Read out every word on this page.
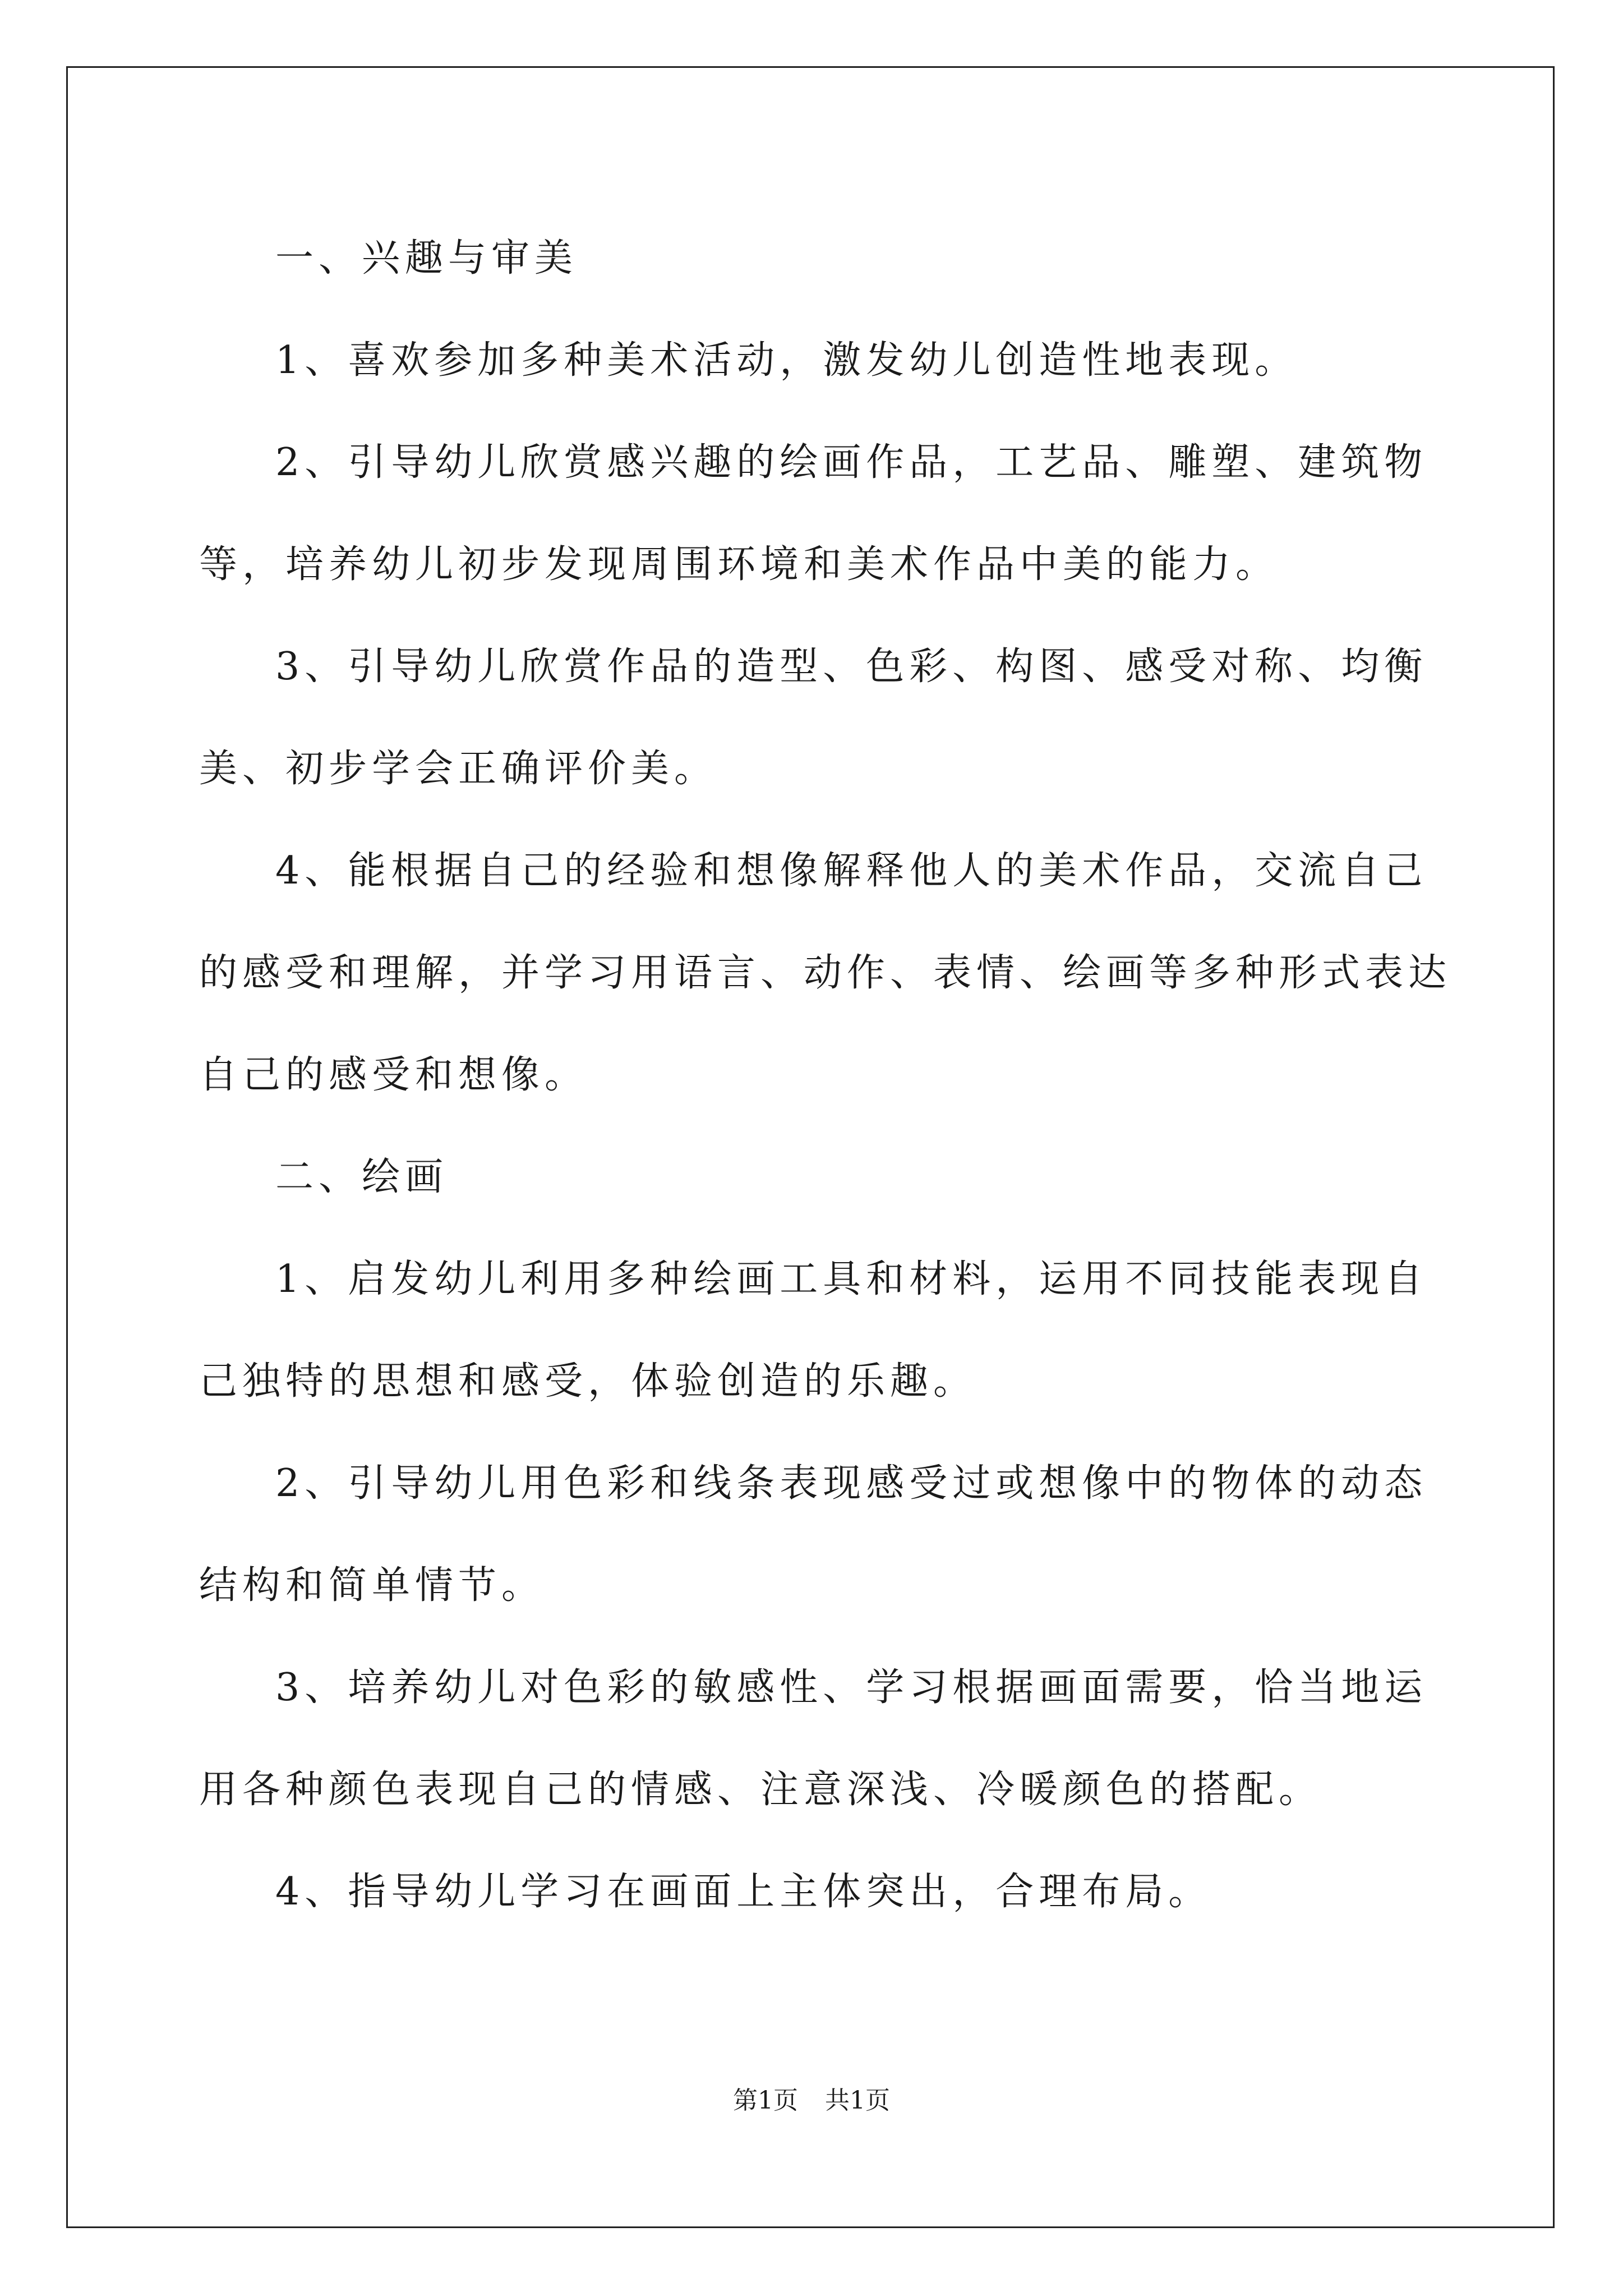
一、兴趣与审美

1、喜欢参加多种美术活动，激发幼儿创造性地表现。

2、引导幼儿欣赏感兴趣的绘画作品，工艺品、雕塑、建筑物等，培养幼儿初步发现周围环境和美术作品中美的能力。

3、引导幼儿欣赏作品的造型、色彩、构图、感受对称、均衡美、初步学会正确评价美。

4、能根据自己的经验和想像解释他人的美术作品，交流自己的感受和理解，并学习用语言、动作、表情、绘画等多种形式表达自己的感受和想像。

二、绘画

1、启发幼儿利用多种绘画工具和材料，运用不同技能表现自己独特的思想和感受，体验创造的乐趣。

2、引导幼儿用色彩和线条表现感受过或想像中的物体的动态结构和简单情节。

3、培养幼儿对色彩的敏感性、学习根据画面需要，恰当地运用各种颜色表现自己的情感、注意深浅、冷暖颜色的搭配。

4、指导幼儿学习在画面上主体突出，合理布局。

第1页 共1页
